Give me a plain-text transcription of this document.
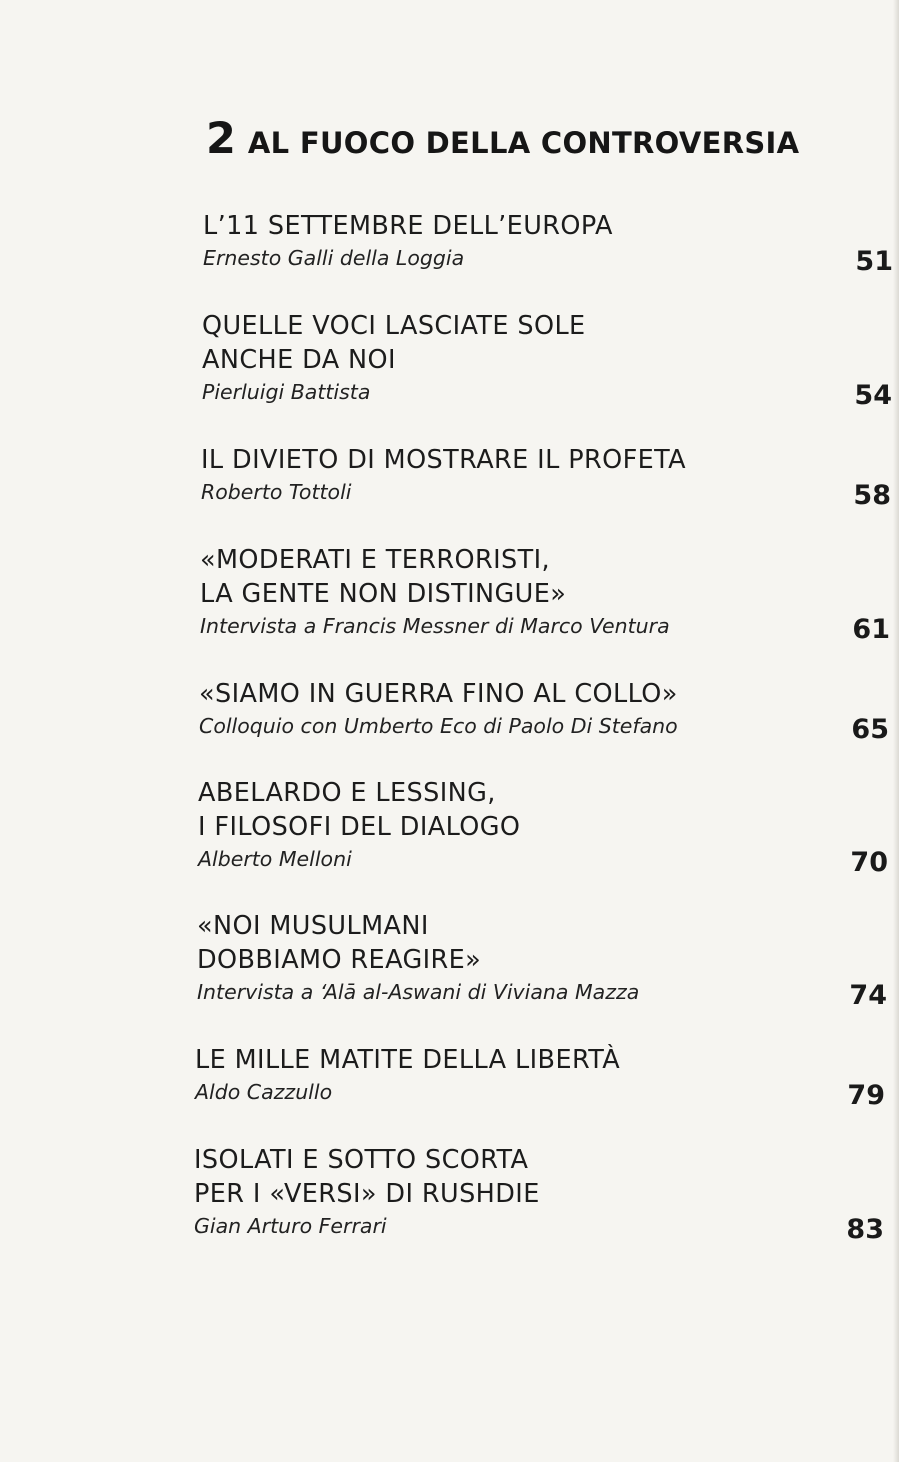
2 AL FUOCO DELLA CONTROVERSIA
L’11 SETTEMBRE DELL’EUROPA
Ernesto Galli della Loggia	51
QUELLE VOCI LASCIATE SOLE
ANCHE DA NOI
Pierluigi Battista	54
IL DIVIETO DI MOSTRARE IL PROFETA
Roberto Tottoli	58
«MODERATI E TERRORISTI,
LA GENTE NON DISTINGUE»
Intervista a Francis Messner di Marco Ventura	61
«SIAMO IN GUERRA FINO AL COLLO»
Colloquio con Umberto Eco di Paolo Di Stefano	65
ABELARDO E LESSING,
I FILOSOFI DEL DIALOGO
Alberto Melloni	70
«NOI MUSULMANI
DOBBIAMO REAGIRE»
Intervista a ‘Alā al-Aswani di Viviana Mazza	74
LE MILLE MATITE DELLA LIBERTÀ
Aldo Cazzullo	79
ISOLATI E SOTTO SCORTA
PER I «VERSI» DI RUSHDIE
Gian Arturo Ferrari	83
